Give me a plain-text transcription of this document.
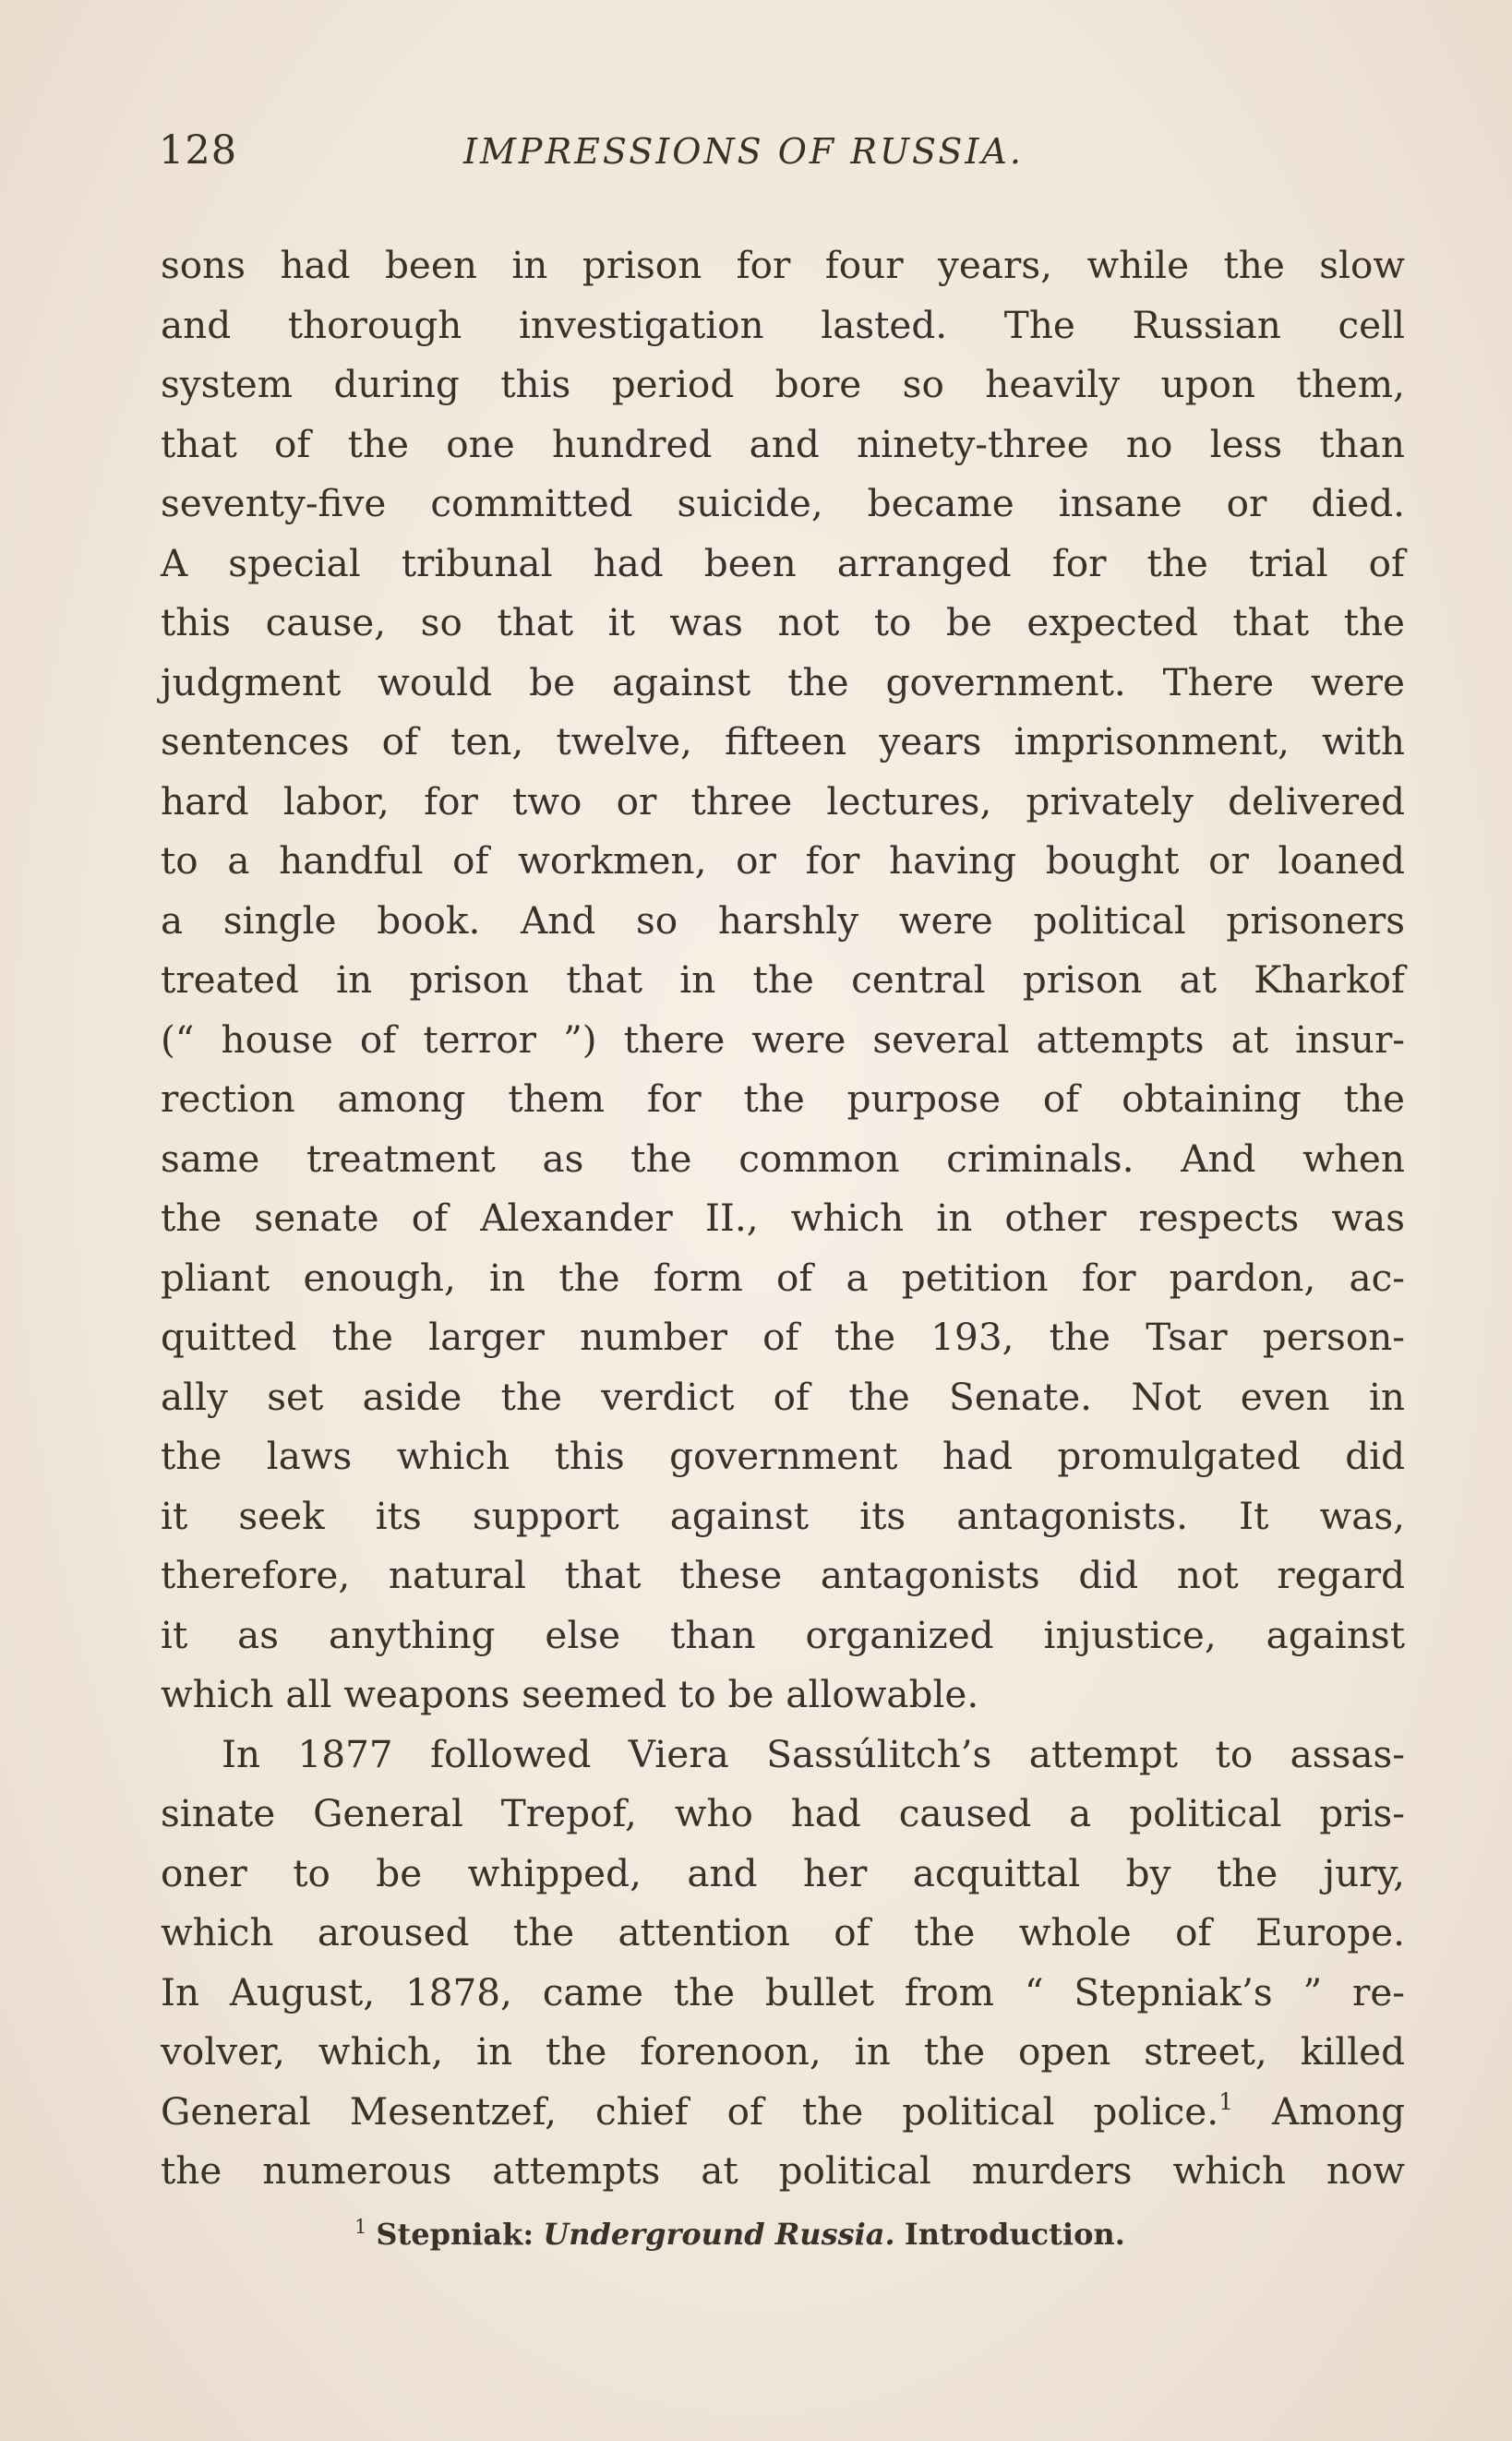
128	IMPRESSIONS OF RUSSIA.
sons had been in prison for four years, while the slow
and thorough investigation lasted. The Russian cell
system during this period bore so heavily upon them,
that of the one hundred and ninety-three no less than
seventy-five committed suicide, became insane or died.
A special tribunal had been arranged for the trial of
this cause, so that it was not to be expected that the
judgment would be against the government. There were
sentences of ten, twelve, fifteen years imprisonment, with
hard labor, for two or three lectures, privately delivered
to a handful of workmen, or for having bought or loaned
a single book. And so harshly were political prisoners
treated in prison that in the central prison at Kharkof
(“ house of terror ”) there were several attempts at insur-
rection among them for the purpose of obtaining the
same treatment as the common criminals. And when
the senate of Alexander II., which in other respects was
pliant enough, in the form of a petition for pardon, ac-
quitted the larger number of the 193, the Tsar person-
ally set aside the verdict of the Senate. Not even in
the laws which this government had promulgated did
it seek its support against its antagonists. It was,
therefore, natural that these antagonists did not regard
it as anything else than organized injustice, against
which all weapons seemed to be allowable.
In 1877 followed Viera Sassúlitch’s attempt to assas-
sinate General Trepof, who had caused a political pris-
oner to be whipped, and her acquittal by the jury,
which aroused the attention of the whole of Europe.
In August, 1878, came the bullet from “ Stepniak’s ” re-
volver, which, in the forenoon, in the open street, killed
General Mesentzef, chief of the political police.$^1$ Among
the numerous attempts at political murders which now
$^1$ Stepniak: Underground Russia. Introduction.
